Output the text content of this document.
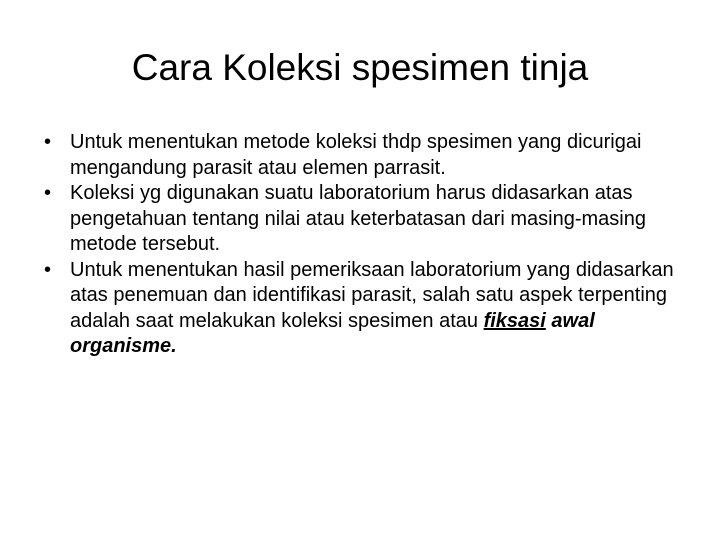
Cara Koleksi spesimen tinja
• Untuk menentukan metode koleksi thdp spesimen yang dicurigai mengandung parasit atau elemen parrasit.
• Koleksi yg digunakan suatu laboratorium harus didasarkan atas pengetahuan tentang nilai atau keterbatasan dari masing-masing metode tersebut.
• Untuk menentukan hasil pemeriksaan laboratorium yang didasarkan atas penemuan dan identifikasi parasit, salah satu aspek terpenting adalah saat melakukan koleksi spesimen atau fiksasi awal organisme.
